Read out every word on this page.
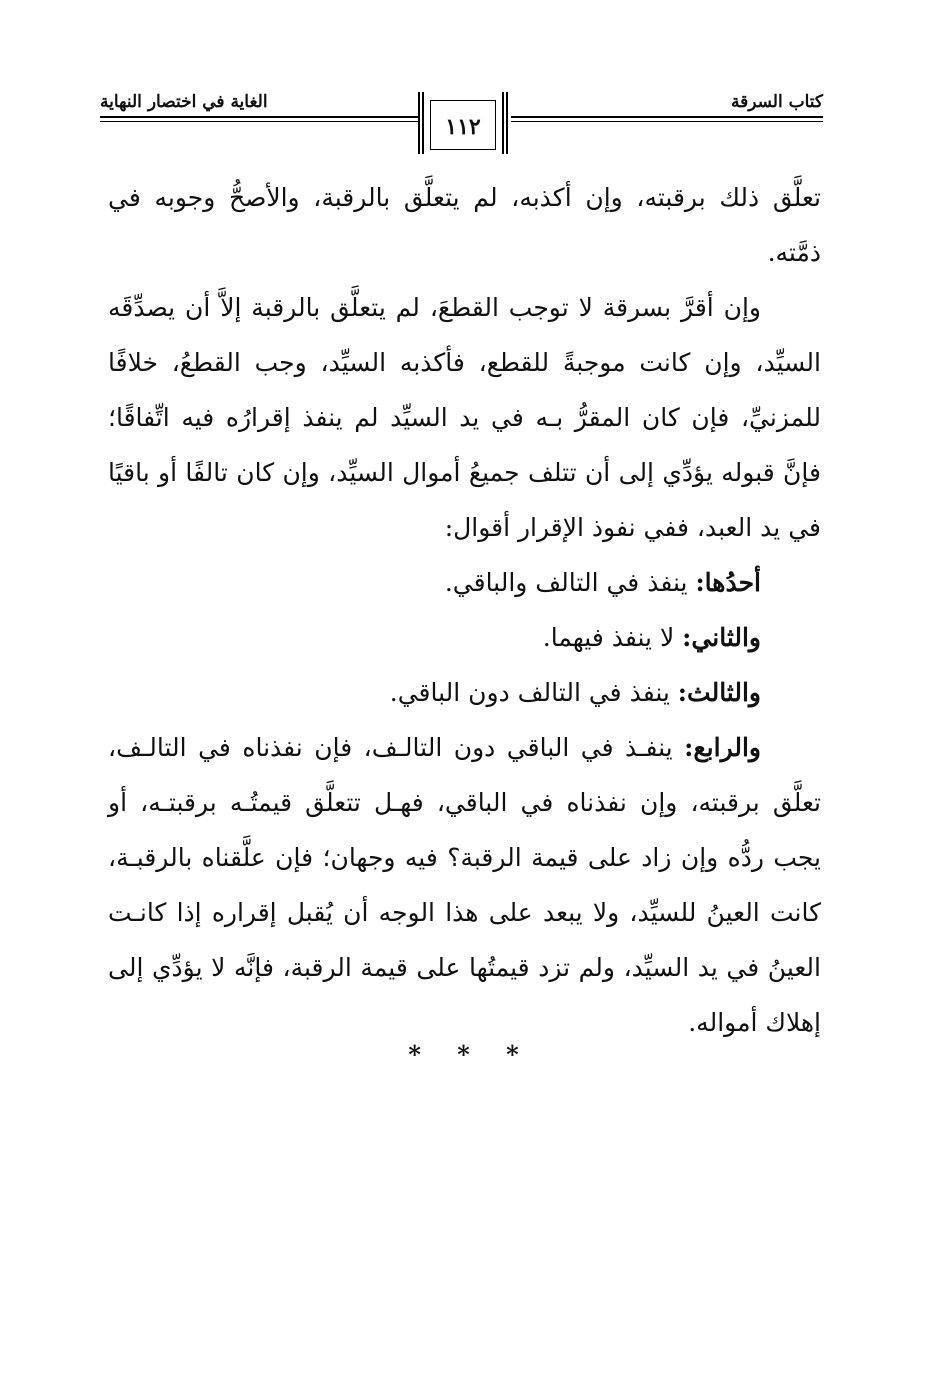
كتاب السرقة
الغاية في اختصار النهاية
١١٢

تعلَّق ذلك برقبته، وإن أكذبه، لم يتعلَّق بالرقبة، والأصحُّ وجوبه في ذمَّته.

وإن أقرَّ بسرقة لا توجب القطعَ، لم يتعلَّق بالرقبة إلاَّ أن يصدِّقَه السيِّد، وإن كانت موجبةً للقطع، فأكذبه السيِّد، وجب القطعُ، خلافًا للمزنيِّ، فإن كان المقرُّ بـه في يد السيِّد لم ينفذ إقرارُه فيه اتِّفاقًا؛ فإنَّ قبوله يؤدِّي إلى أن تتلف جميعُ أموال السيِّد، وإن كان تالفًا أو باقيًا في يد العبد، ففي نفوذ الإقرار أقوال:

أحدُها: ينفذ في التالف والباقي.

والثاني: لا ينفذ فيهما.

والثالث: ينفذ في التالف دون الباقي.

والرابع: ينفـذ في الباقي دون التالـف، فإن نفذناه في التالـف، تعلَّق برقبته، وإن نفذناه في الباقي، فهـل تتعلَّق قيمتُـه برقبتـه، أو يجب ردُّه وإن زاد على قيمة الرقبة؟ فيه وجهان؛ فإن علَّقناه بالرقبـة، كانت العينُ للسيِّد، ولا يبعد على هذا الوجه أن يُقبل إقراره إذا كانـت العينُ في يد السيِّد، ولم تزد قيمتُها على قيمة الرقبة، فإنَّه لا يؤدِّي إلى إهلاك أمواله.

* * *
